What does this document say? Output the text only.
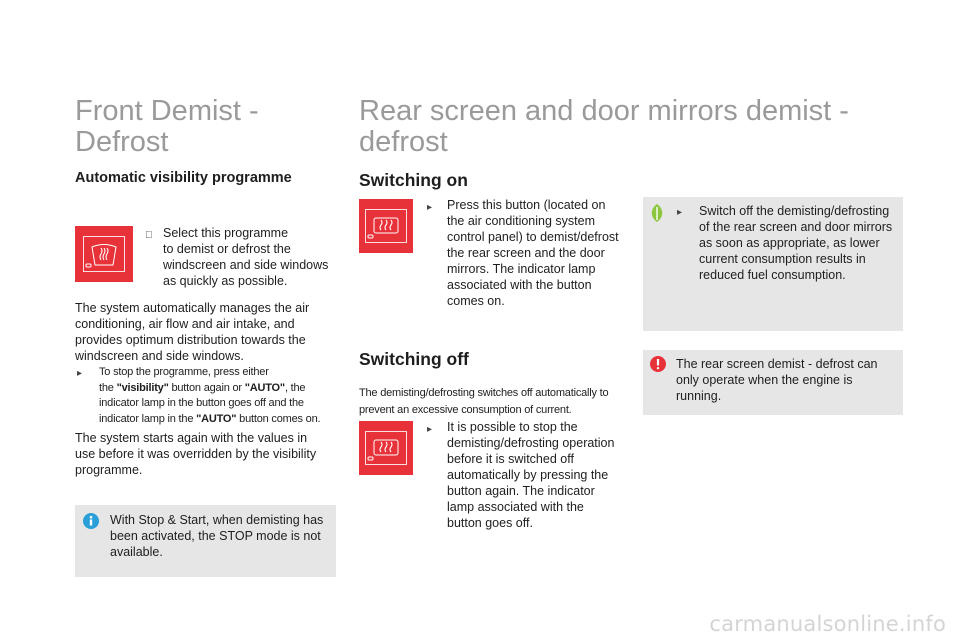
Front Demist -

Defrost

Automatic visibility programme

Select this programme
to demist or defrost the
windscreen and side windows
as quickly as possible.

The system automatically manages the air conditioning, air flow and air intake, and provides optimum distribution towards the windscreen and side windows.

▸ To stop the programme, press either
the "visibility" button again or "AUTO", the
indicator lamp in the button goes off and the
indicator lamp in the "AUTO" button comes on.

The system starts again with the values in use before it was overridden by the visibility programme.

With Stop & Start, when demisting has been activated, the STOP mode is not available.

Rear screen and door mirrors demist -

defrost

Switching on

▸ Press this button (located on the air conditioning system control panel) to demist/defrost the rear screen and the door mirrors. The indicator lamp associated with the button comes on.

Switching off

The demisting/defrosting switches off automatically to prevent an excessive consumption of current.

▸ It is possible to stop the demisting/defrosting operation before it is switched off automatically by pressing the button again. The indicator lamp associated with the button goes off.

▸ Switch off the demisting/defrosting of the rear screen and door mirrors as soon as appropriate, as lower current consumption results in reduced fuel consumption.

The rear screen demist - defrost can only operate when the engine is running.

carmanualsonline.info
